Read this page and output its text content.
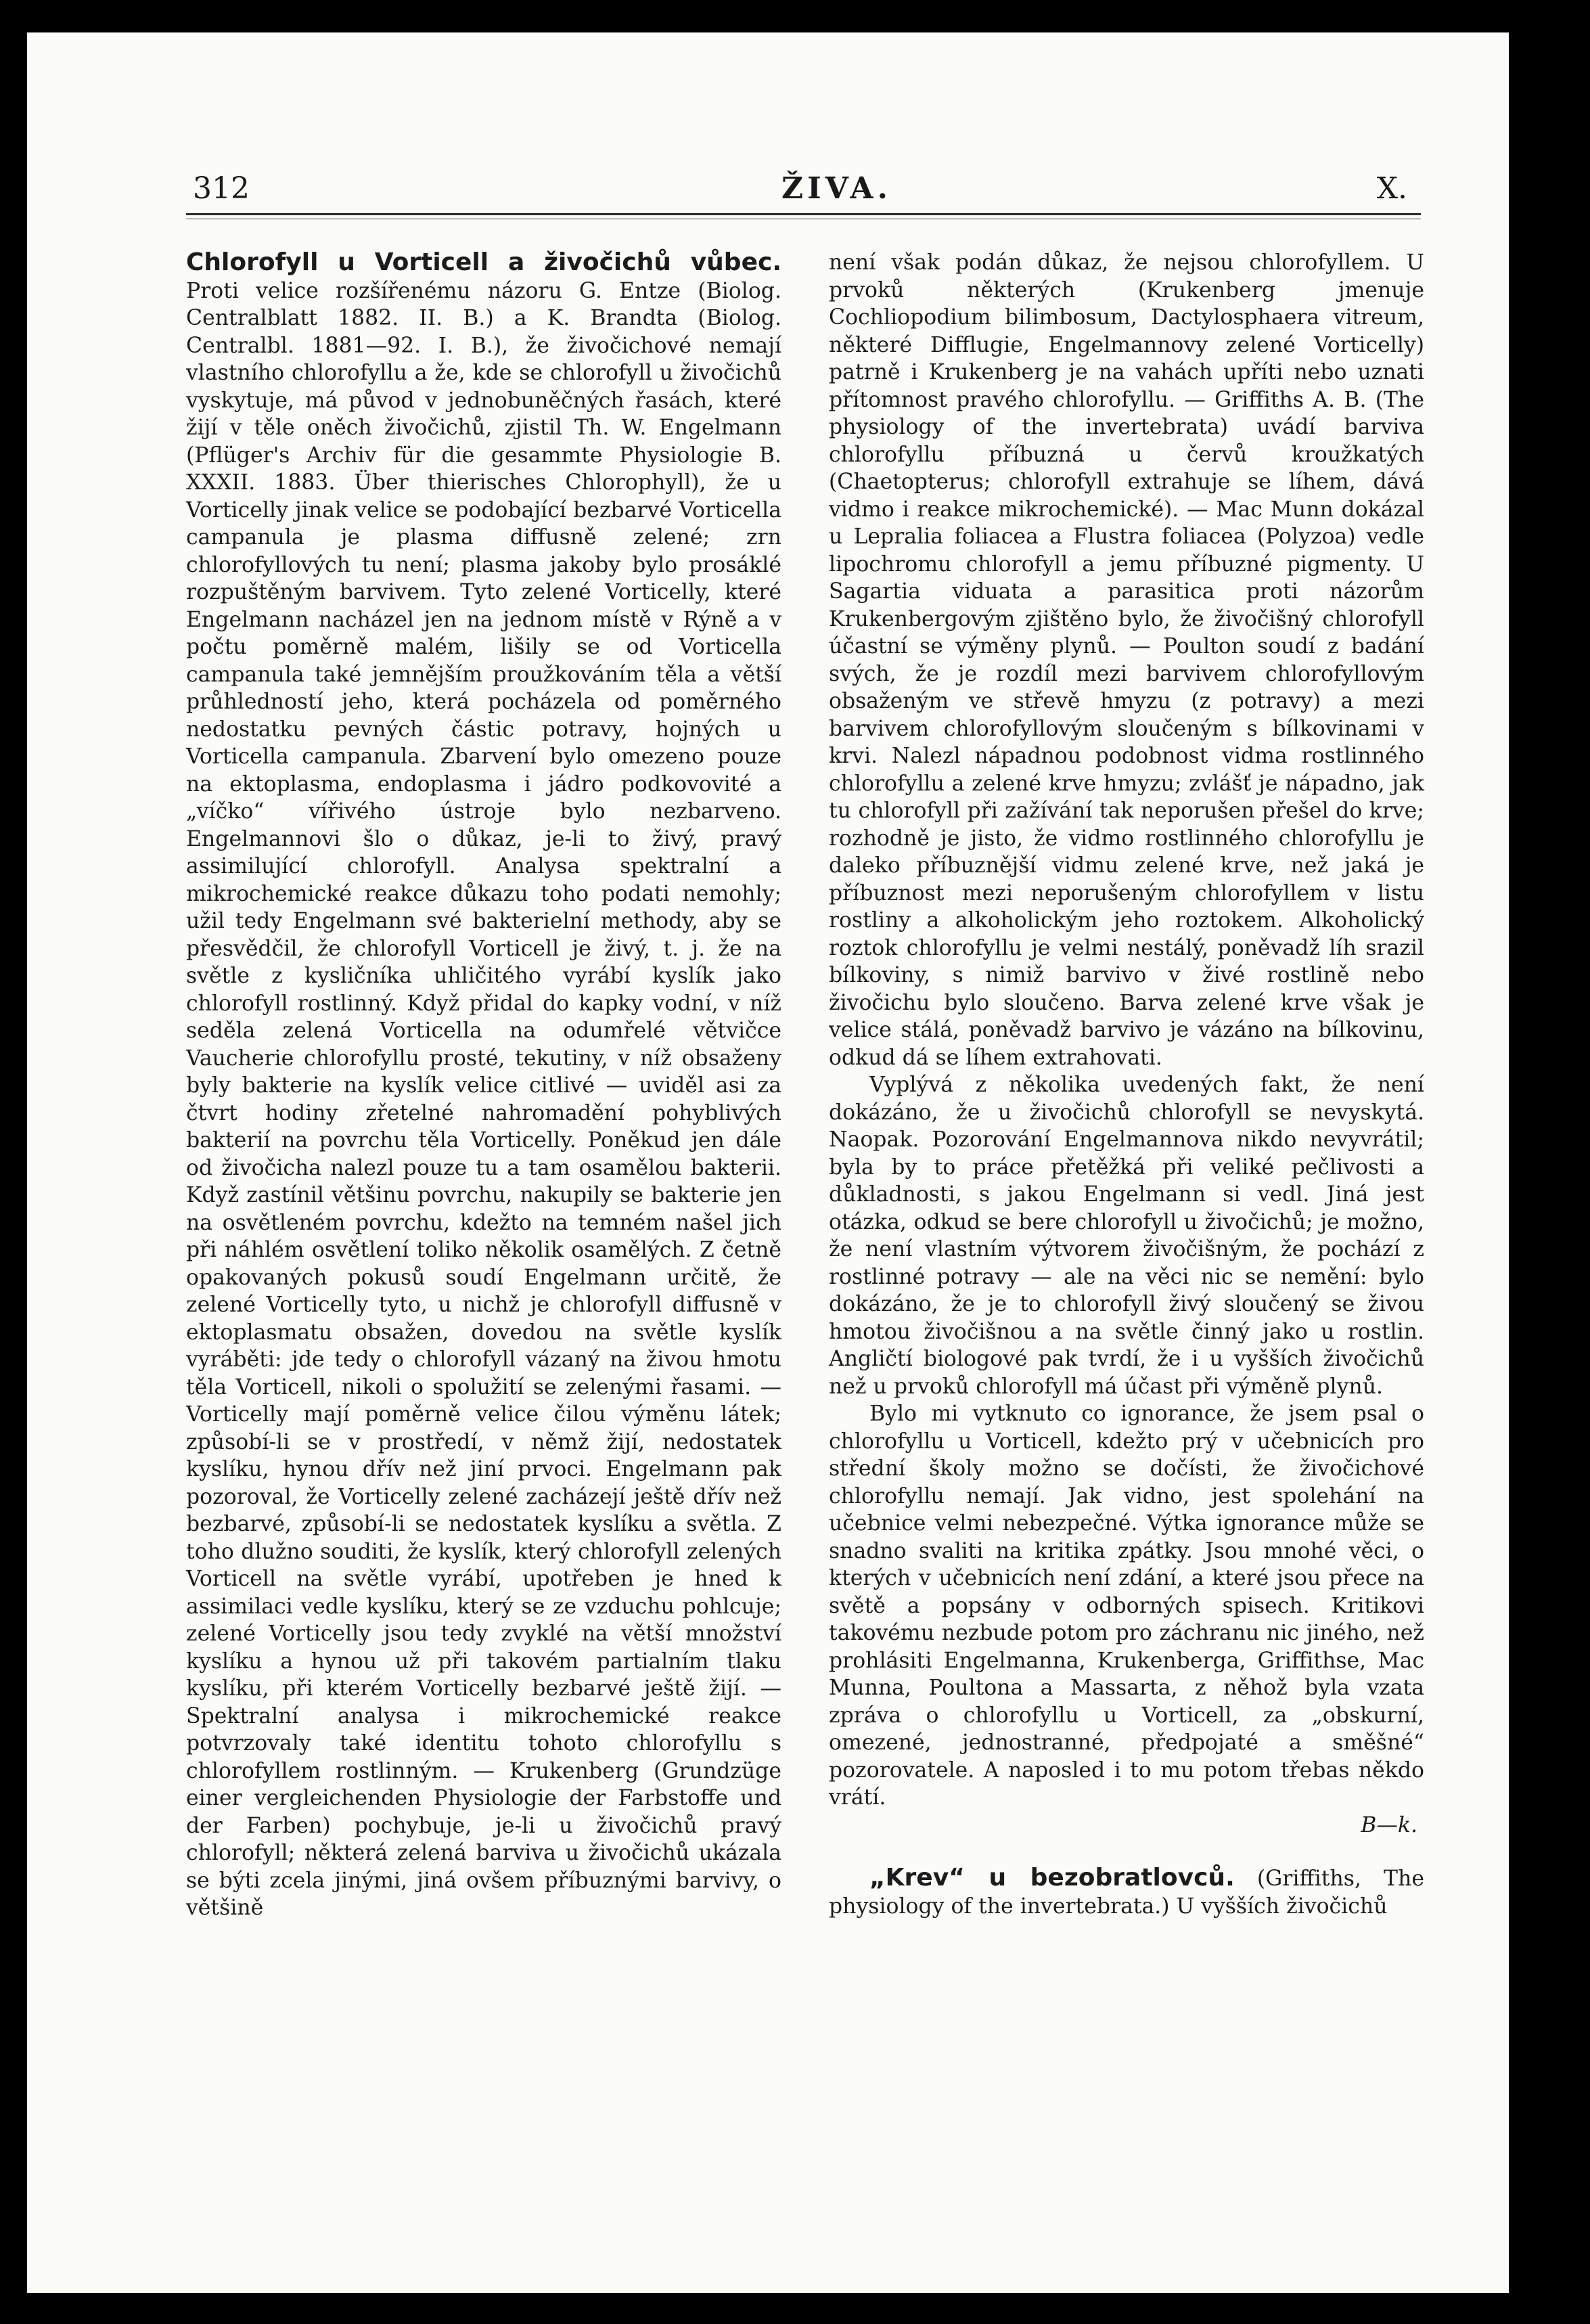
312	ŽIVA.	X.

Chlorofyll u Vorticell a živočichů vůbec. Proti velice rozšířenému názoru G. Entze (Biolog. Centralblatt 1882. II. B.) a K. Brandta (Biolog. Centralbl. 1881—92. I. B.), že živočichové nemají vlastního chlorofyllu a že, kde se chlorofyll u živočichů vyskytuje, má původ v jednobuněčných řasách, které žijí v těle oněch živočichů, zjistil Th. W. Engelmann (Pflüger's Archiv für die gesammte Physiologie B. XXXII. 1883. Über thierisches Chlorophyll), že u Vorticelly jinak velice se podobající bezbarvé Vorticella campanula je plasma diffusně zelené; zrn chlorofyllových tu není; plasma jakoby bylo prosáklé rozpuštěným barvivem. Tyto zelené Vorticelly, které Engelmann nacházel jen na jednom místě v Rýně a v počtu poměrně malém, lišily se od Vorticella campanula také jemnějším proužkováním těla a větší průhledností jeho, která pocházela od poměrného nedostatku pevných částic potravy, hojných u Vorticella campanula. Zbarvení bylo omezeno pouze na ektoplasma, endoplasma i jádro podkovovité a „víčko“ vířivého ústroje bylo nezbarveno. Engelmannovi šlo o důkaz, je-li to živý, pravý assimilující chlorofyll. Analysa spektralní a mikrochemické reakce důkazu toho podati nemohly; užil tedy Engelmann své bakterielní methody, aby se přesvědčil, že chlorofyll Vorticell je živý, t. j. že na světle z kysličníka uhličitého vyrábí kyslík jako chlorofyll rostlinný. Když přidal do kapky vodní, v níž seděla zelená Vorticella na odumřelé větvičce Vaucherie chlorofyllu prosté, tekutiny, v níž obsaženy byly bakterie na kyslík velice citlivé — uviděl asi za čtvrt hodiny zřetelné nahromadění pohyblivých bakterií na povrchu těla Vorticelly. Poněkud jen dále od živočicha nalezl pouze tu a tam osamělou bakterii. Když zastínil většinu povrchu, nakupily se bakterie jen na osvětleném povrchu, kdežto na temném našel jich při náhlém osvětlení toliko několik osamělých. Z četně opakovaných pokusů soudí Engelmann určitě, že zelené Vorticelly tyto, u nichž je chlorofyll diffusně v ektoplasmatu obsažen, dovedou na světle kyslík vyráběti: jde tedy o chlorofyll vázaný na živou hmotu těla Vorticell, nikoli o spolužití se zelenými řasami. — Vorticelly mají poměrně velice čilou výměnu látek; způsobí-li se v prostředí, v němž žijí, nedostatek kyslíku, hynou dřív než jiní prvoci. Engelmann pak pozoroval, že Vorticelly zelené zacházejí ještě dřív než bezbarvé, způsobí-li se nedostatek kyslíku a světla. Z toho dlužno souditi, že kyslík, který chlorofyll zelených Vorticell na světle vyrábí, upotřeben je hned k assimilaci vedle kyslíku, který se ze vzduchu pohlcuje; zelené Vorticelly jsou tedy zvyklé na větší množství kyslíku a hynou už při takovém partialním tlaku kyslíku, při kterém Vorticelly bezbarvé ještě žijí. — Spektralní analysa i mikrochemické reakce potvrzovaly také identitu tohoto chlorofyllu s chlorofyllem rostlinným. — Krukenberg (Grundzüge einer vergleichenden Physiologie der Farbstoffe und der Farben) pochybuje, je-li u živočichů pravý chlorofyll; některá zelená barviva u živočichů ukázala se býti zcela jinými, jiná ovšem příbuznými barvivy, o většině

není však podán důkaz, že nejsou chlorofyllem. U prvoků některých (Krukenberg jmenuje Cochliopodium bilimbosum, Dactylosphaera vitreum, některé Difflugie, Engelmannovy zelené Vorticelly) patrně i Krukenberg je na vahách upříti nebo uznati přítomnost pravého chlorofyllu. — Griffiths A. B. (The physiology of the invertebrata) uvádí barviva chlorofyllu příbuzná u červů kroužkatých (Chaetopterus; chlorofyll extrahuje se líhem, dává vidmo i reakce mikrochemické). — Mac Munn dokázal u Lepralia foliacea a Flustra foliacea (Polyzoa) vedle lipochromu chlorofyll a jemu příbuzné pigmenty. U Sagartia viduata a parasitica proti názorům Krukenbergovým zjištěno bylo, že živočišný chlorofyll účastní se výměny plynů. — Poulton soudí z badání svých, že je rozdíl mezi barvivem chlorofyllovým obsaženým ve střevě hmyzu (z potravy) a mezi barvivem chlorofyllovým sloučeným s bílkovinami v krvi. Nalezl nápadnou podobnost vidma rostlinného chlorofyllu a zelené krve hmyzu; zvlášť je nápadno, jak tu chlorofyll při zažívání tak neporušen přešel do krve; rozhodně je jisto, že vidmo rostlinného chlorofyllu je daleko příbuznější vidmu zelené krve, než jaká je příbuznost mezi neporušeným chlorofyllem v listu rostliny a alkoholickým jeho roztokem. Alkoholický roztok chlorofyllu je velmi nestálý, poněvadž líh srazil bílkoviny, s nimiž barvivo v živé rostlině nebo živočichu bylo sloučeno. Barva zelené krve však je velice stálá, poněvadž barvivo je vázáno na bílkovinu, odkud dá se líhem extrahovati.

Vyplývá z několika uvedených fakt, že není dokázáno, že u živočichů chlorofyll se nevyskytá. Naopak. Pozorování Engelmannova nikdo nevyvrátil; byla by to práce přetěžká při veliké pečlivosti a důkladnosti, s jakou Engelmann si vedl. Jiná jest otázka, odkud se bere chlorofyll u živočichů; je možno, že není vlastním výtvorem živočišným, že pochází z rostlinné potravy — ale na věci nic se nemění: bylo dokázáno, že je to chlorofyll živý sloučený se živou hmotou živočišnou a na světle činný jako u rostlin. Angličtí biologové pak tvrdí, že i u vyšších živočichů než u prvoků chlorofyll má účast při výměně plynů.

Bylo mi vytknuto co ignorance, že jsem psal o chlorofyllu u Vorticell, kdežto prý v učebnicích pro střední školy možno se dočísti, že živočichové chlorofyllu nemají. Jak vidno, jest spolehání na učebnice velmi nebezpečné. Výtka ignorance může se snadno svaliti na kritika zpátky. Jsou mnohé věci, o kterých v učebnicích není zdání, a které jsou přece na světě a popsány v odborných spisech. Kritikovi takovému nezbude potom pro záchranu nic jiného, než prohlásiti Engelmanna, Krukenberga, Griffithse, Mac Munna, Poultona a Massarta, z něhož byla vzata zpráva o chlorofyllu u Vorticell, za „obskurní, omezené, jednostranné, předpojaté a směšné“ pozorovatele. A naposled i to mu potom třebas někdo vrátí.

B—k.

„Krev“ u bezobratlovců. (Griffiths, The physiology of the invertebrata.) U vyšších živočichů
